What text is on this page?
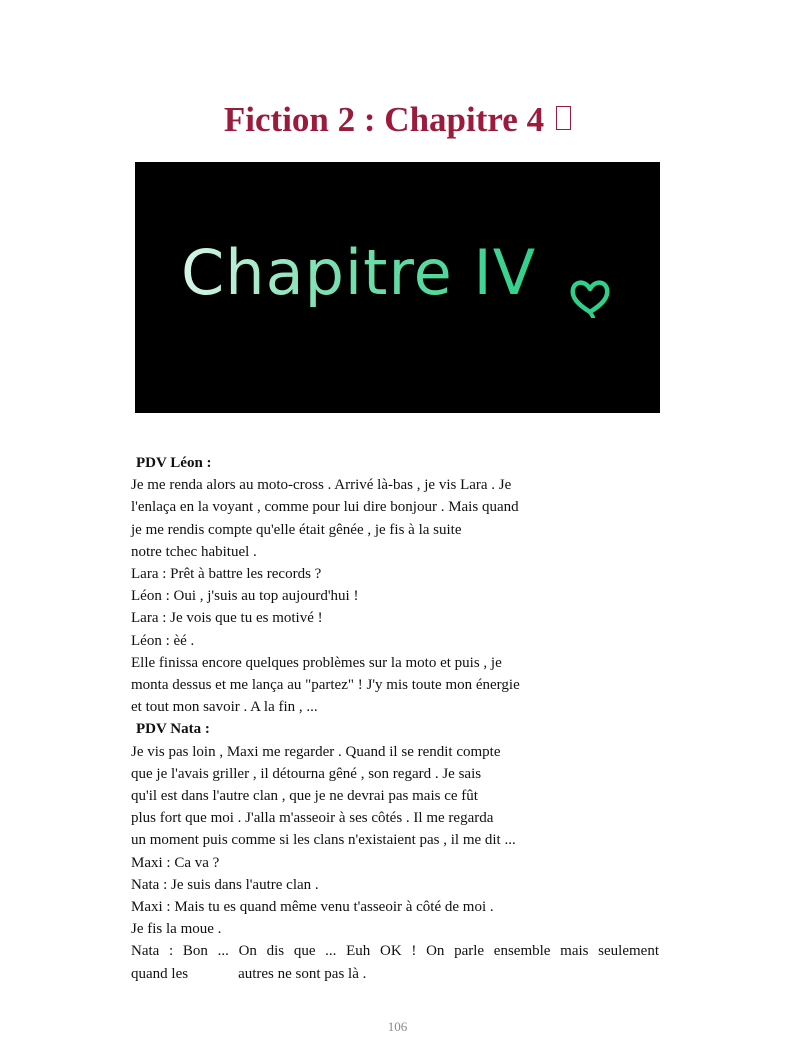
Fiction 2 : Chapitre 4
Chapitre IV
PDV Léon :
Je me renda alors au moto-cross . Arrivé là-bas , je vis Lara . Je
l'enlaça en la voyant , comme pour lui dire bonjour . Mais quand
je me rendis compte qu'elle était gênée , je fis à la suite
notre tchec habituel .
Lara : Prêt à battre les records ?
Léon : Oui , j'suis au top aujourd'hui !
Lara : Je vois que tu es motivé !
Léon : èé .
Elle finissa encore quelques problèmes sur la moto et puis , je
monta dessus et me lança au "partez" ! J'y mis toute mon énergie
et tout mon savoir . A la fin , ...
PDV Nata :
Je vis pas loin , Maxi me regarder . Quand il se rendit compte
que je l'avais griller , il détourna gêné , son regard . Je sais
qu'il est dans l'autre clan , que je ne devrai pas mais ce fût
plus fort que moi . J'alla m'asseoir à ses côtés . Il me regarda
un moment puis comme si les clans n'existaient pas , il me dit ...
Maxi : Ca va ?
Nata : Je suis dans l'autre clan .
Maxi : Mais tu es quand même venu t'asseoir à côté de moi .
Je fis la moue .
Nata : Bon ... On dis que ... Euh OK ! On parle ensemble mais seulement
quand les	autres ne sont pas là .
106
